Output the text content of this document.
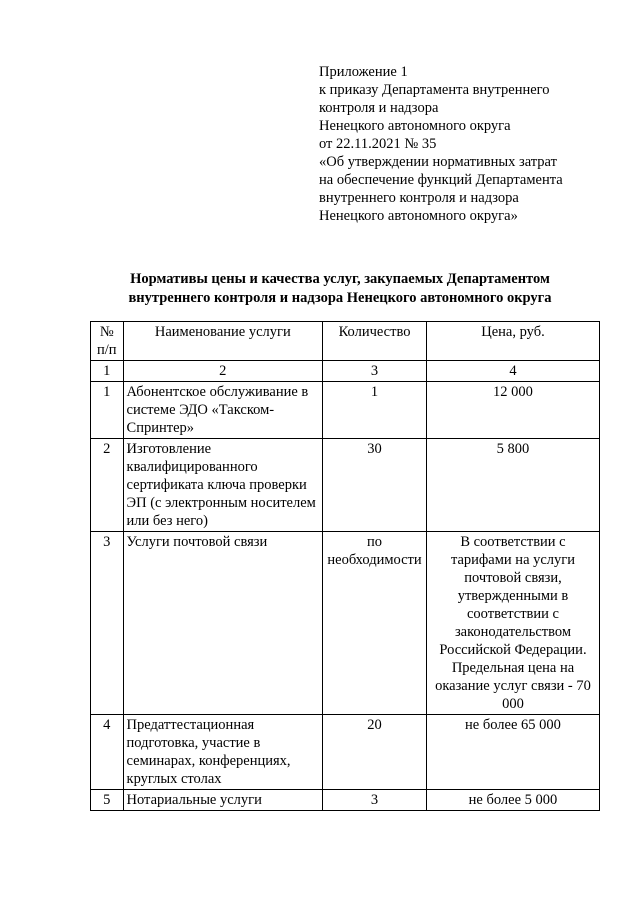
Приложение 1
к приказу Департамента внутреннего
контроля и надзора
Ненецкого автономного округа
от 22.11.2021 № 35
«Об утверждении нормативных затрат
на обеспечение функций Департамента
внутреннего контроля и надзора
Ненецкого автономного округа»
Нормативы цены и качества услуг, закупаемых Департаментом
внутреннего контроля и надзора Ненецкого автономного округа
№ п/п	Наименование услуги	Количество	Цена, руб.
1	2	3	4
1	Абонентское обслуживание в системе ЭДО «Такском-Спринтер»	1	12 000
2	Изготовление квалифицированного сертификата ключа проверки ЭП (с электронным носителем или без него)	30	5 800
3	Услуги почтовой связи	по необходимости	В соответствии с тарифами на услуги почтовой связи, утвержденными в соответствии с законодательством Российской Федерации. Предельная цена на оказание услуг связи - 70 000
4	Предаттестационная подготовка, участие в семинарах, конференциях, круглых столах	20	не более 65 000
5	Нотариальные услуги	3	не более 5 000
